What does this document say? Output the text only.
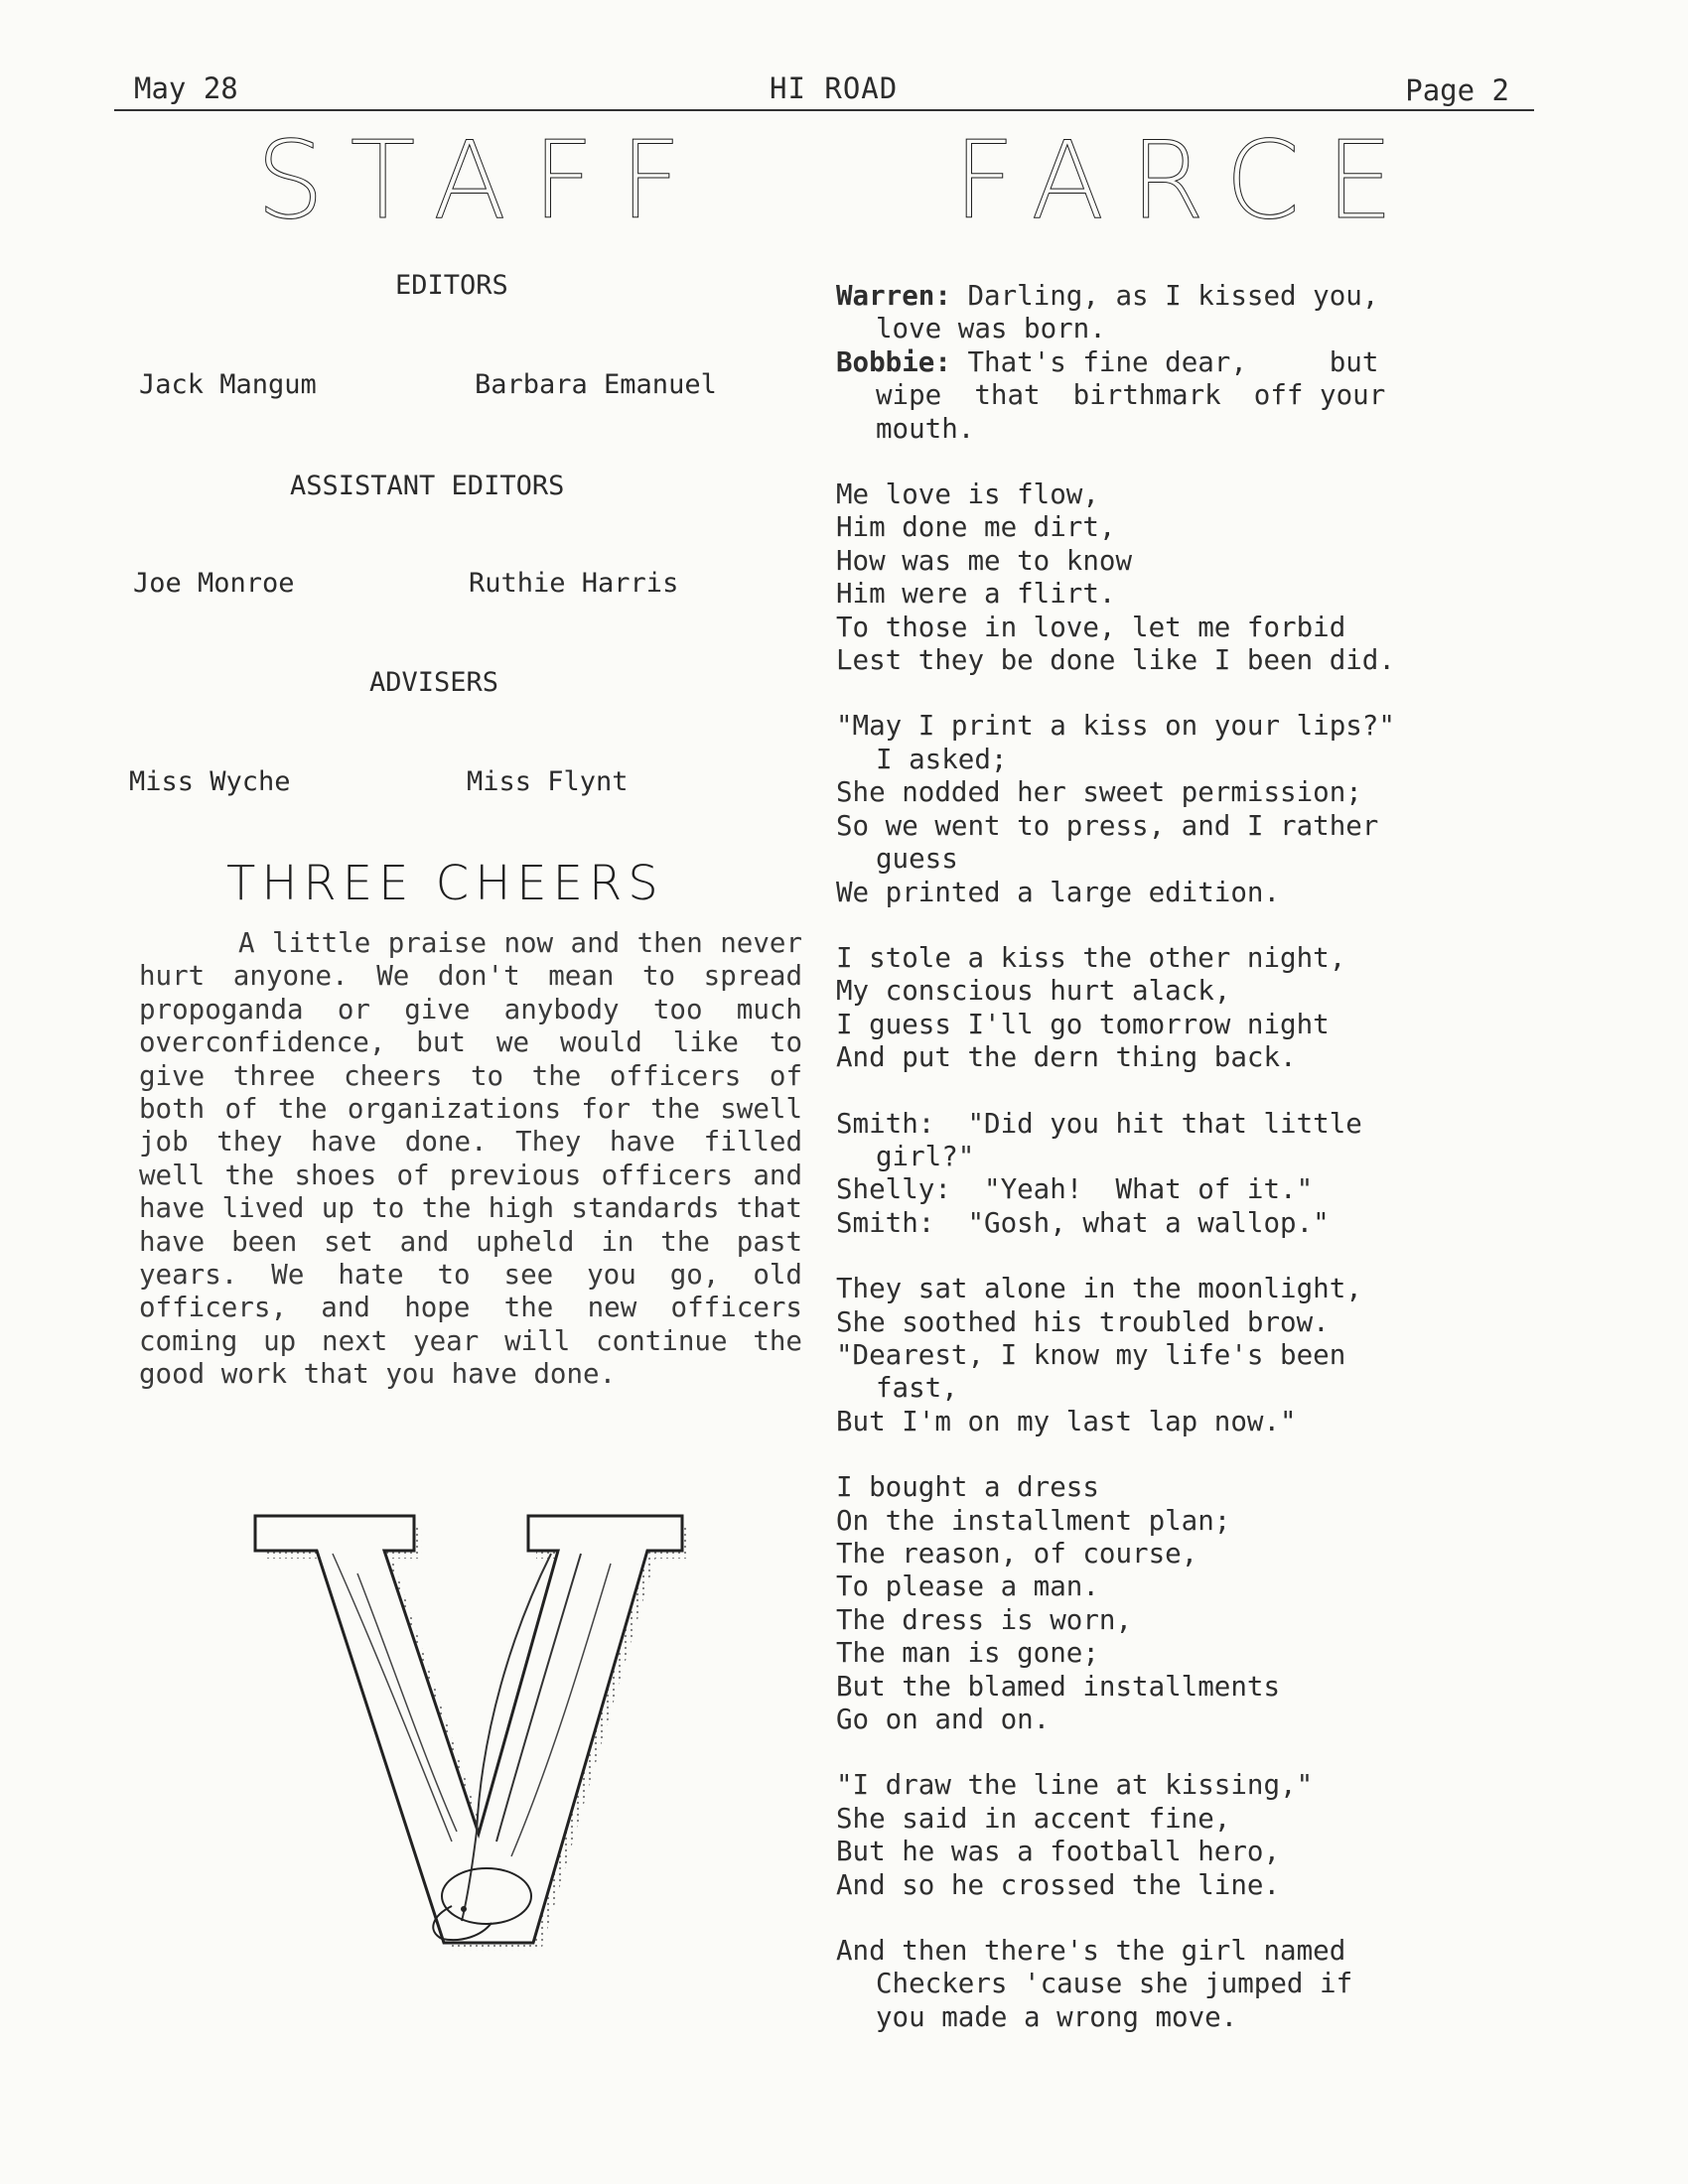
May 28	HI ROAD	Page 2
STAFF FARCE
EDITORS
Jack Mangum	Barbara Emanuel
ASSISTANT EDITORS
Joe Monroe	Ruthie Harris
ADVISERS
Miss Wyche	Miss Flynt
THREE CHEERS

A little praise now and then never hurt anyone. We don't mean to spread propoganda or give anybody too much overconfidence, but we would like to give three cheers to the officers of both of the organizations for the swell job they have done. They have filled well the shoes of previous officers and have lived up to the high standards that have been set and upheld in the past years. We hate to see you go, old officers, and hope the new officers coming up next year will continue the good work that you have done.

Warren: Darling, as I kissed you,
love was born.
Bobbie: That's fine dear,     but
wipe  that  birthmark  off your
mouth.
Me love is flow,
Him done me dirt,
How was me to know
Him were a flirt.
To those in love, let me forbid
Lest they be done like I been did.
"May I print a kiss on your lips?"
I asked;
She nodded her sweet permission;
So we went to press, and I rather
guess
We printed a large edition.
I stole a kiss the other night,
My conscious hurt alack,
I guess I'll go tomorrow night
And put the dern thing back.
Smith:  "Did you hit that little
girl?"
Shelly:  "Yeah!  What of it."
Smith:  "Gosh, what a wallop."
They sat alone in the moonlight,
She soothed his troubled brow.
"Dearest, I know my life's been
fast,
But I'm on my last lap now."
I bought a dress
On the installment plan;
The reason, of course,
To please a man.
The dress is worn,
The man is gone;
But the blamed installments
Go on and on.
"I draw the line at kissing,"
She said in accent fine,
But he was a football hero,
And so he crossed the line.
And then there's the girl named
Checkers 'cause she jumped if
you made a wrong move.
